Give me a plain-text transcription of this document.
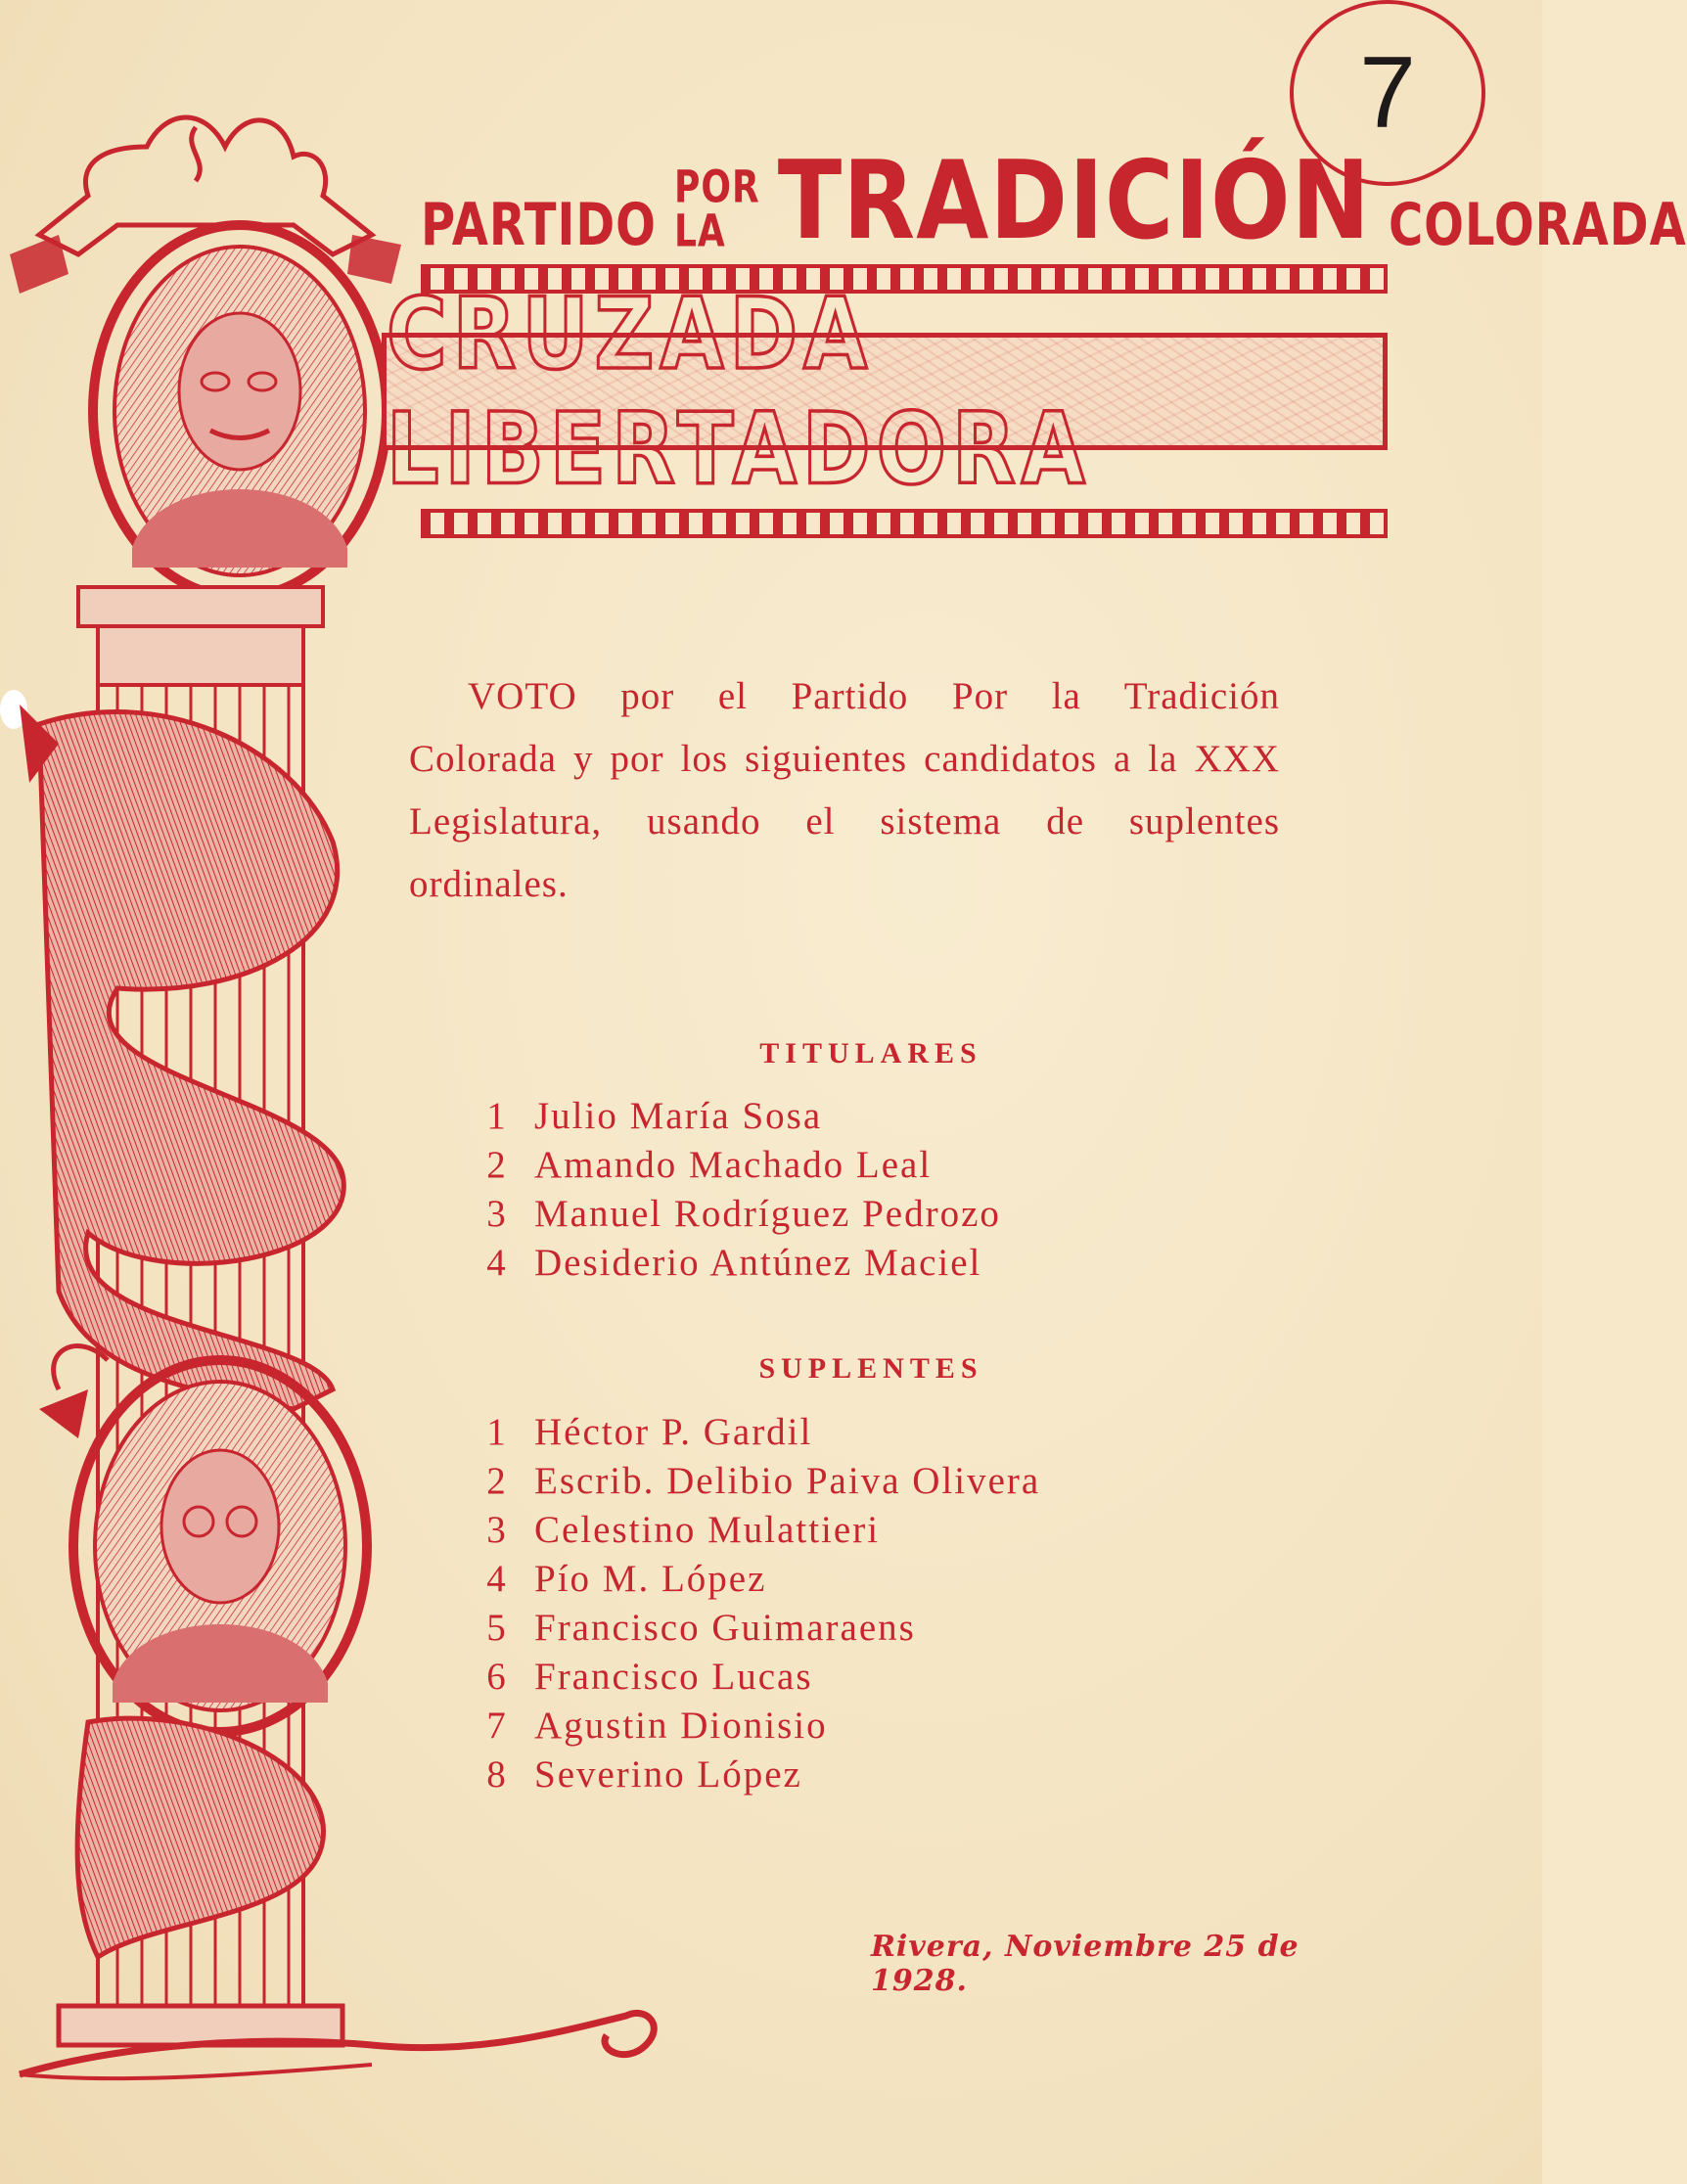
7
PARTIDO
POR LA TRADICIÓN COLORADA
CRUZADA LIBERTADORA
VOTO por el Partido Por la Tradición Colorada y por los siguientes candidatos a la XXX Legislatura, usando el sistema de suplentes ordinales.
TITULARES
1 Julio María Sosa
2 Amando Machado Leal
3 Manuel Rodríguez Pedrozo
4 Desiderio Antúnez Maciel
SUPLENTES
1 Héctor P. Gardil
2 Escrib. Delibio Paiva Olivera
3 Celestino Mulattieri
4 Pío M. López
5 Francisco Guimaraens
6 Francisco Lucas
7 Agustin Dionisio
8 Severino López
Rivera, Noviembre 25 de 1928.
